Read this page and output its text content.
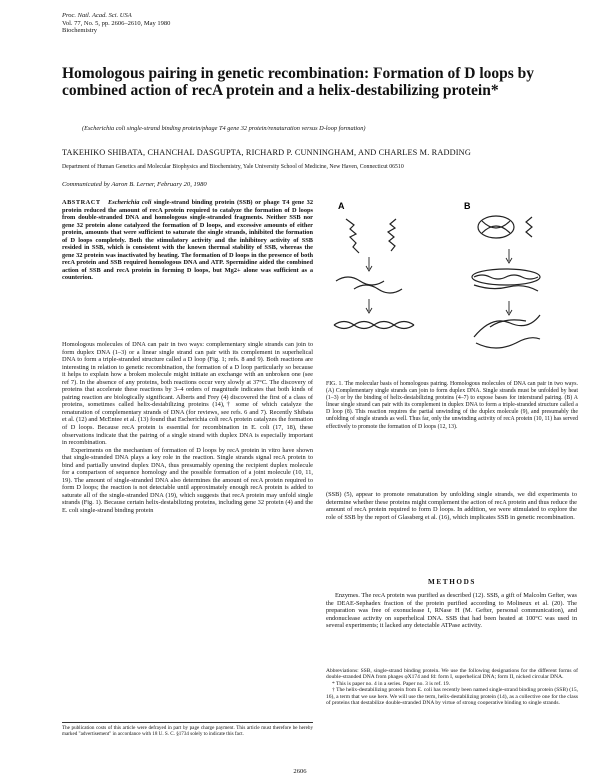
Proc. Natl. Acad. Sci. USA
Vol. 77, No. 5, pp. 2606–2610, May 1980
Biochemistry
Homologous pairing in genetic recombination: Formation of D loops by combined action of recA protein and a helix-destabilizing protein*
(Escherichia coli single-strand binding protein/phage T4 gene 32 protein/renaturation versus D-loop formation)
TAKEHIKO SHIBATA, CHANCHAL DASGUPTA, RICHARD P. CUNNINGHAM, AND CHARLES M. RADDING
Department of Human Genetics and Molecular Biophysics and Biochemistry, Yale University School of Medicine, New Haven, Connecticut 06510
Communicated by Aaron B. Lerner, February 20, 1980
ABSTRACT Escherichia coli single-strand binding protein (SSB) or phage T4 gene 32 protein reduced the amount of recA protein required to catalyze the formation of D loops from double-stranded DNA and homologous single-stranded fragments. Neither SSB nor gene 32 protein alone catalyzed the formation of D loops, and excessive amounts of either protein, amounts that were sufficient to saturate the single strands, inhibited the formation of D loops completely. Both the stimulatory activity and the inhibitory activity of SSB resided in SSB, which is consistent with the known thermal stability of SSB, whereas the gene 32 protein was inactivated by heating. The formation of D loops in the presence of both recA protein and SSB required homologous DNA and ATP. Spermidine aided the combined action of SSB and recA protein in forming D loops, but Mg2+ alone was sufficient as a counterion.

Homologous molecules of DNA can pair in two ways: complementary single strands can join to form duplex DNA (1–3) or a linear single strand can pair with its complement in superhelical DNA to form a triple-stranded structure called a D loop (Fig. 1; refs. 8 and 9). Both reactions are interesting in relation to genetic recombination, the formation of a D loop particularly so because it helps to explain how a broken molecule might initiate an exchange with an unbroken one (see ref 7). In the absence of any proteins, both reactions occur very slowly at 37°C. The discovery of proteins that accelerate these reactions by 3–4 orders of magnitude indicates that both kinds of pairing reaction are biologically significant. Alberts and Frey (4) discovered the first of a class of proteins, sometimes called helix-destabilizing proteins (14),† some of which catalyze the renaturation of complementary strands of DNA (for reviews, see refs. 6 and 7). Recently Shibata et al. (12) and McEntee et al. (13) found that Escherichia coli recA protein catalyzes the formation of D loops. Because recA protein is essential for recombination in E. coli (17, 18), these observations indicate that the pairing of a single strand with duplex DNA is especially important in recombination.

Experiments on the mechanism of formation of D loops by recA protein in vitro have shown that single-stranded DNA plays a key role in the reaction. Single strands signal recA protein to bind and partially unwind duplex DNA, thus presumably opening the recipient duplex molecule for a comparison of sequence homology and the possible formation of a joint molecule (10, 11, 19). The amount of single-stranded DNA also determines the amount of recA protein required to form D loops; the reaction is not detectable until approximately enough recA protein is added to saturate all of the single-stranded DNA (19), which suggests that recA protein may unfold single strands (Fig. 1). Because certain helix-destabilizing proteins, including gene 32 protein (4) and the E. coli single-strand binding protein

A	B
FIG. 1. The molecular basis of homologous pairing. Homologous molecules of DNA can pair in two ways. (A) Complementary single strands can join to form duplex DNA. Single strands must be unfolded by heat (1–3) or by the binding of helix-destabilizing proteins (4–7) to expose bases for interstrand pairing. (B) A linear single strand can pair with its complement in duplex DNA to form a triple-stranded structure called a D loop (8). This reaction requires the partial unwinding of the duplex molecule (9), and presumably the unfolding of single strands as well. Thus far, only the unwinding activity of recA protein (10, 11) has served effectively to promote the formation of D loops (12, 13).

(SSB) (5), appear to promote renaturation by unfolding single strands, we did experiments to determine whether these proteins might complement the action of recA protein and thus reduce the amount of recA protein required to form D loops. In addition, we were stimulated to explore the role of SSB by the report of Glassberg et al. (16), which implicates SSB in genetic recombination.

METHODS

Enzymes. The recA protein was purified as described (12). SSB, a gift of Malcolm Gefter, was the DEAE-Sephadex fraction of the protein purified according to Molineux et al. (20). The preparation was free of exonuclease I, RNase H (M. Gefter, personal communication), and endonuclease activity on superhelical DNA. SSB that had been heated at 100°C was used in several experiments; it lacked any detectable ATPase activity.

Abbreviations: SSB, single-strand binding protein. We use the following designations for the different forms of double-stranded DNA from phages φX174 and fd: form I, superhelical DNA; form II, nicked circular DNA.

* This is paper no. 4 in a series. Paper no. 3 is ref. 19.

† The helix-destabilizing protein from E. coli has recently been named single-strand binding protein (SSB) (15, 16), a term that we use here. We will use the term, helix-destabilizing protein (14), as a collective one for the class of proteins that destabilize double-stranded DNA by virtue of strong cooperative binding to single strands.

The publication costs of this article were defrayed in part by page charge payment. This article must therefore be hereby marked "advertisement" in accordance with 18 U. S. C. §1734 solely to indicate this fact.
2606
